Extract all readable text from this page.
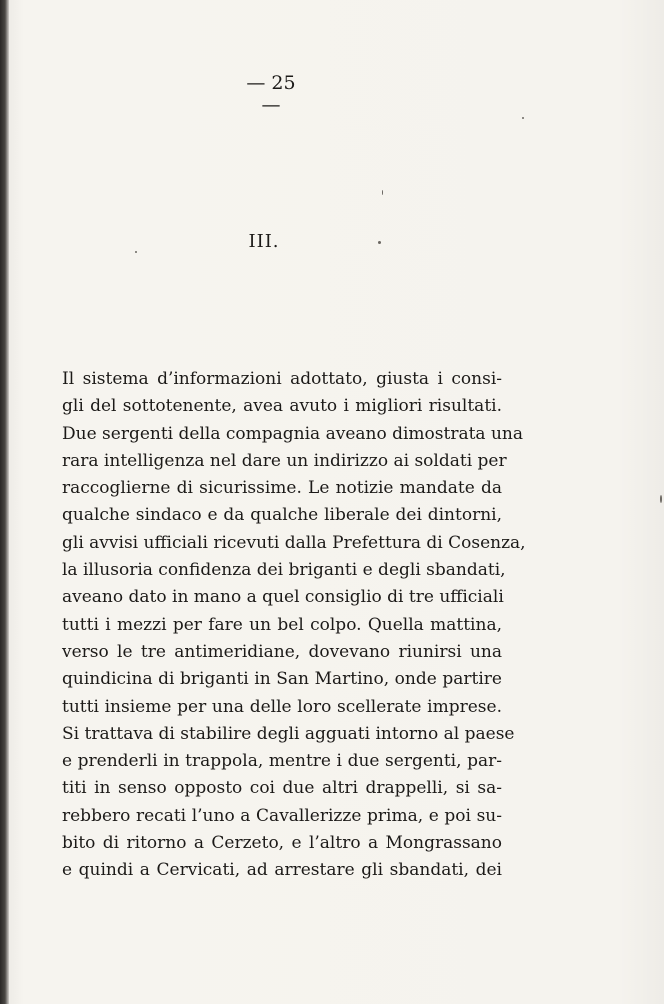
— 25 —
III.
Il sistema d’informazioni adottato, giusta i consi-
gli del sottotenente, avea avuto i migliori risultati.
Due sergenti della compagnia aveano dimostrata una
rara intelligenza nel dare un indirizzo ai soldati per
raccoglierne di sicurissime. Le notizie mandate da
qualche sindaco e da qualche liberale dei dintorni,
gli avvisi ufficiali ricevuti dalla Prefettura di Cosenza,
la illusoria confidenza dei briganti e degli sbandati,
aveano dato in mano a quel consiglio di tre ufficiali
tutti i mezzi per fare un bel colpo. Quella mattina,
verso le tre antimeridiane, dovevano riunirsi una
quindicina di briganti in San Martino, onde partire
tutti insieme per una delle loro scellerate imprese.
Si trattava di stabilire degli agguati intorno al paese
e prenderli in trappola, mentre i due sergenti, par-
titi in senso opposto coi due altri drappelli, si sa-
rebbero recati l’uno a Cavallerizze prima, e poi su-
bito di ritorno a Cerzeto, e l’altro a Mongrassano
e quindi a Cervicati, ad arrestare gli sbandati, dei
